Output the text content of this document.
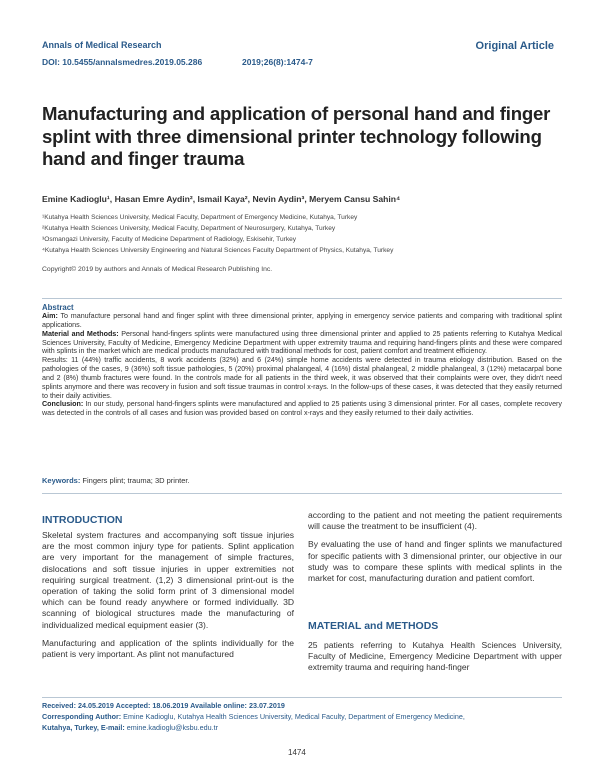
Annals of Medical Research
DOI: 10.5455/annalsmedres.2019.05.286	2019;26(8):1474-7
Original Article
Manufacturing and application of personal hand and finger splint with three dimensional printer technology following hand and finger trauma
Emine Kadioglu¹, Hasan Emre Aydin², Ismail Kaya², Nevin Aydin³, Meryem Cansu Sahin⁴
¹Kutahya Health Sciences University, Medical Faculty, Department of Emergency Medicine, Kutahya, Turkey
²Kutahya Health Sciences University, Medical Faculty, Department of Neurosurgery, Kutahya, Turkey
³Osmangazi University, Faculty of Medicine Department of Radiology, Eskisehir, Turkey
⁴Kutahya Health Sciences University Engineering and Natural Sciences Faculty Department of Physics, Kutahya, Turkey
Copyright© 2019 by authors and Annals of Medical Research Publishing Inc.
Abstract

Aim: To manufacture personal hand and finger splint with three dimensional printer, applying in emergency service patients and comparing with traditional splint applications.

Material and Methods: Personal hand-fingers splints were manufactured using three dimensional printer and applied to 25 patients referring to Kutahya Medical Sciences University, Faculty of Medicine, Emergency Medicine Department with upper extremity trauma and requiring hand-fingers plints and these were compared with splints in the market which are medical products manufactured with traditional methods for cost, patient comfort and treatment efficiency.

Results: 11 (44%) traffic accidents, 8 work accidents (32%) and 6 (24%) simple home accidents were detected in trauma etiology distribution. Based on the pathologies of the cases, 9 (36%) soft tissue pathologies, 5 (20%) proximal phalangeal, 4 (16%) distal phalangeal, 2 middle phalangeal, 3 (12%) metacarpal bone and 2 (8%) thumb fractures were found. In the controls made for all patients in the third week, it was observed that their complaints were over, they didn't need splints anymore and there was recovery in fusion and soft tissue traumas in control x-rays. In the follow-ups of these cases, it was detected that they easily returned to their daily activities.

Conclusion: In our study, personal hand-fingers splints were manufactured and applied to 25 patients using 3 dimensional printer. For all cases, complete recovery was detected in the controls of all cases and fusion was provided based on control x-rays and they easily returned to their daily activities.

Keywords: Fingers plint; trauma; 3D printer.
INTRODUCTION

Skeletal system fractures and accompanying soft tissue injuries are the most common injury type for patients. Splint application are very important for the management of simple fractures, dislocations and soft tissue injuries in upper extremities not requiring surgical treatment. (1,2) 3 dimensional print-out is the operation of taking the solid form print of 3 dimensional model which can be found ready anywhere or formed individually. 3D scanning of biological structures made the manufacturing of individualized medical equipment easier (3).

Manufacturing and application of the splints individually for the patient is very important. As plint not manufactured

according to the patient and not meeting the patient requirements will cause the treatment to be insufficient (4).

By evaluating the use of hand and finger splints we manufactured for specific patients with 3 dimensional printer, our objective in our study was to compare these splints with medical splints in the market for cost, manufacturing duration and patient comfort.

MATERIAL and METHODS
25 patients referring to Kutahya Health Sciences University, Faculty of Medicine, Emergency Medicine Department with upper extremity trauma and requiring hand-finger
Received: 24.05.2019 Accepted: 18.06.2019 Available online: 23.07.2019
Corresponding Author: Emine Kadioglu, Kutahya Health Sciences University, Medical Faculty, Department of Emergency Medicine,
Kutahya, Turkey, E-mail: emine.kadioglu@ksbu.edu.tr
1474
